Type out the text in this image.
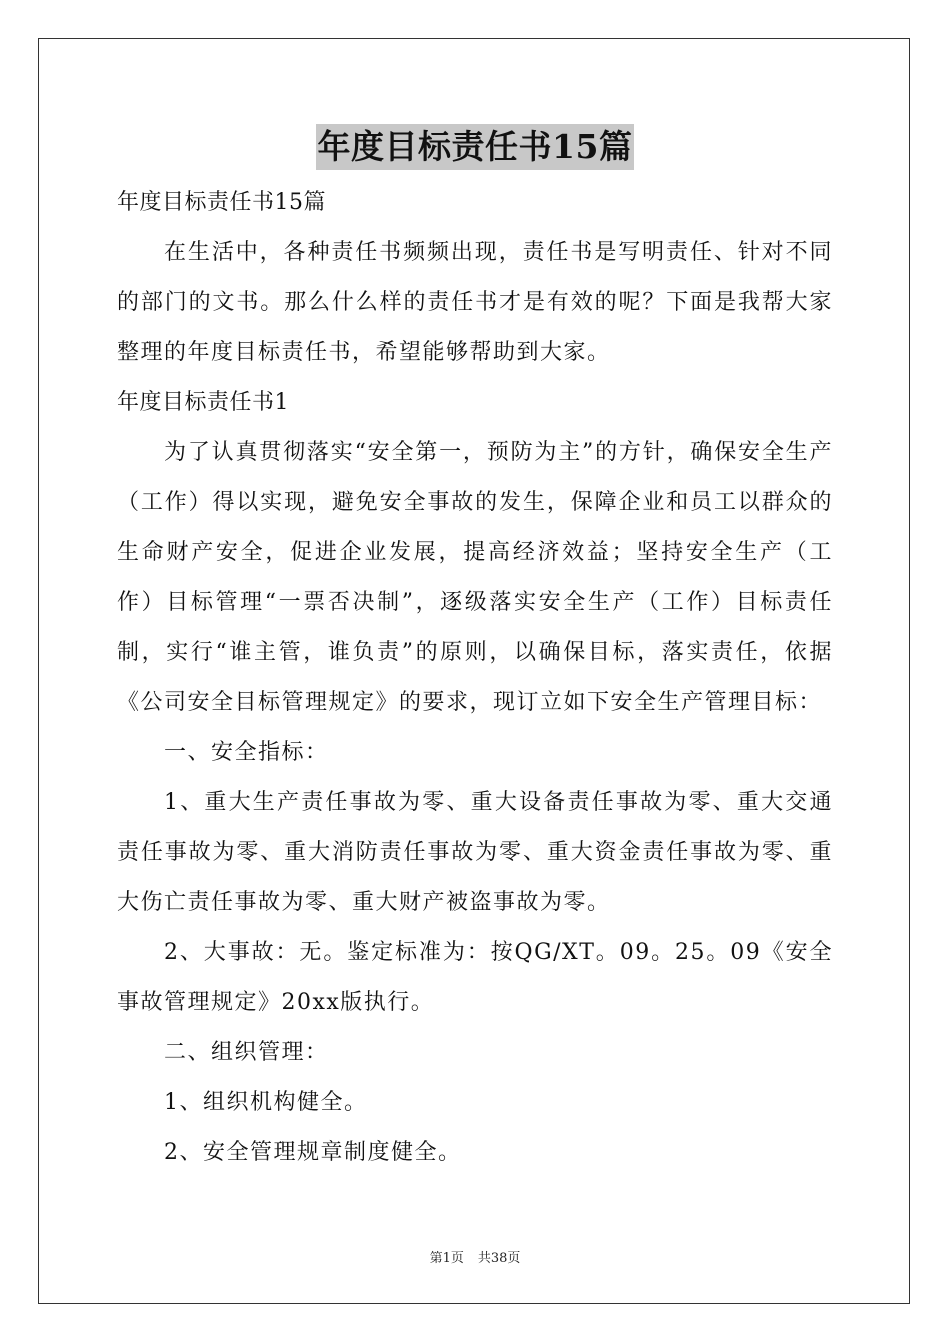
年度目标责任书15篇

年度目标责任书15篇

在生活中，各种责任书频频出现，责任书是写明责任、针对不同的部门的文书。那么什么样的责任书才是有效的呢？下面是我帮大家整理的年度目标责任书，希望能够帮助到大家。

年度目标责任书1

为了认真贯彻落实“安全第一，预防为主”的方针，确保安全生产（工作）得以实现，避免安全事故的发生，保障企业和员工以群众的生命财产安全，促进企业发展，提高经济效益；坚持安全生产（工作）目标管理“一票否决制”，逐级落实安全生产（工作）目标责任制，实行“谁主管，谁负责”的原则，以确保目标，落实责任，依据《公司安全目标管理规定》的要求，现订立如下安全生产管理目标：

一、安全指标：

1、重大生产责任事故为零、重大设备责任事故为零、重大交通责任事故为零、重大消防责任事故为零、重大资金责任事故为零、重大伤亡责任事故为零、重大财产被盗事故为零。

2、大事故：无。鉴定标准为：按QG/XT。09。25。09《安全事故管理规定》20xx版执行。

二、组织管理：

1、组织机构健全。

2、安全管理规章制度健全。

第1页 共38页
